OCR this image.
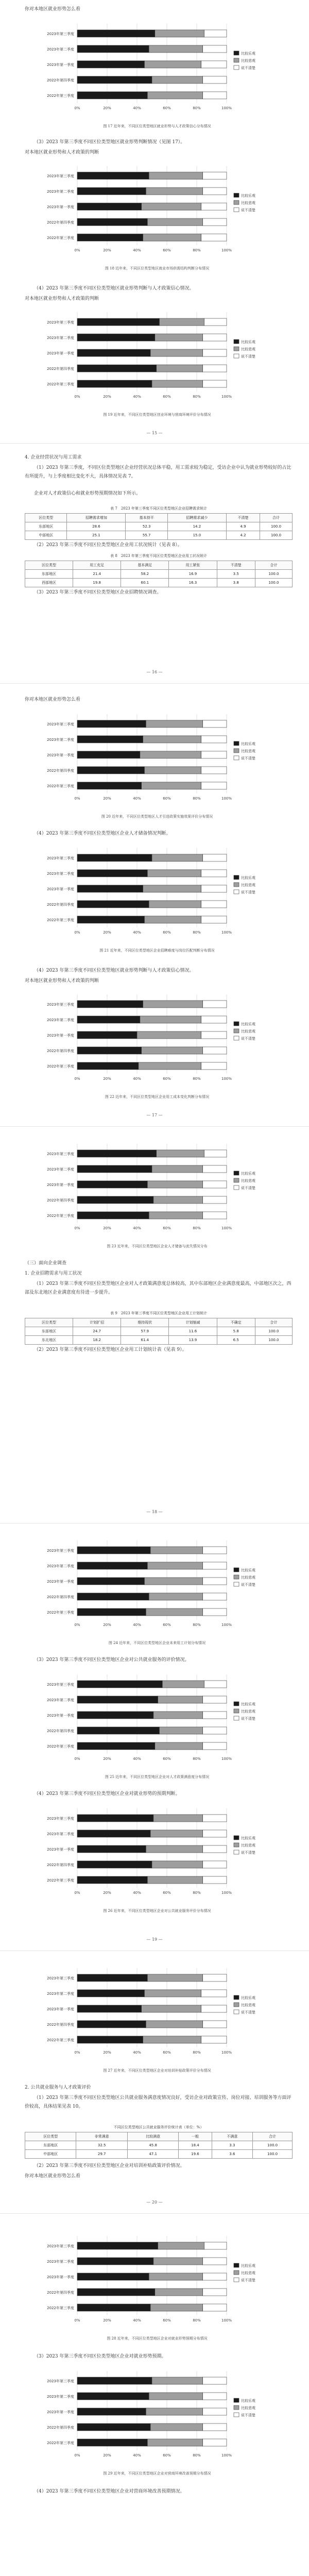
你对本地区就业形势怎么看
0%	20%	40%	60%	80%	100%
2023年第三季度
2023年第二季度
2023年第一季度
2022年第四季度
2022年第三季度
比较乐观
比较悲观
说不清楚
图 17 近年来，不同区位类型地区就业形势与人才政策信心分布情况
（3）2023 年第三季度不同区位类型地区就业形势判断情况（见图 17）。
对本地区就业形势和人才政策的判断
0%	20%	40%	60%	80%	100%
2023年第三季度
2023年第二季度
2023年第一季度
2022年第四季度
2022年第三季度
比较乐观
比较悲观
说不清楚
图 18 近年来，不同区位类型地区就业市场供需结构判断分布情况
（4）2023 年第三季度不同区位类型地区就业形势判断与人才政策信心情况。
对本地区就业形势和人才政策的判断
0%	20%	40%	60%	80%	100%
2023年第三季度
2023年第二季度
2023年第一季度
2022年第四季度
2022年第三季度
比较乐观
比较悲观
说不清楚
图 19 近年来，不同区位类型地区创业环境与营商环境评价分布情况
— 15 —
4. 企业经营状况与用工需求
（1）2023 年第三季度，不同区位类型地区企业经营状况总体平稳，用工需求较为稳定，受访企业中认为就业形势较好的占比有所提升，与上季度相比变化不大，具体情况见表 7。
企业对人才政策信心和就业形势预期情况如下所示。
表 7　2023 年第三季度不同区位类型地区企业招聘需求统计
区位类型	招聘需求增加	基本持平	招聘需求减少	不清楚	合计
东部地区	28.6	52.3	14.2	4.9	100.0
中部地区	25.1	55.7	15.0	4.2	100.0
（2）2023 年第三季度不同区位类型地区企业用工状况统计（见表 8）。
表 8　2023 年第三季度不同区位类型地区企业用工状况统计
区位类型	用工充足	基本满足	用工紧张	不清楚	合计
东部地区	21.4	58.2	16.9	3.5	100.0
西部地区	19.8	60.1	16.3	3.8	100.0
（3）2023 年第三季度不同区位类型地区企业招聘情况调查。
— 16 —
你对本地区就业形势怎么看
0%	20%	40%	60%	80%	100%
2023年第三季度
2023年第二季度
2023年第一季度
2022年第四季度
2022年第三季度
比较乐观
比较悲观
说不清楚
图 20 近年来，不同区位类型地区人才引进政策实施效果评价分布情况
（4）2023 年第三季度不同区位类型地区企业人才储备情况判断。
0%	20%	40%	60%	80%	100%
2023年第三季度
2023年第二季度
2023年第一季度
2022年第四季度
2022年第三季度
比较乐观
比较悲观
说不清楚
图 21 近年来，不同区位类型地区企业招聘难度与岗位匹配判断分布情况
（4）2023 年第三季度不同区位类型地区就业形势判断与人才政策信心情况。
对本地区就业形势和人才政策的判断
0%	20%	40%	60%	80%	100%
2023年第三季度
2023年第二季度
2023年第一季度
2022年第四季度
2022年第三季度
比较乐观
比较悲观
说不清楚
图 22 近年来，不同区位类型地区企业用工成本变化判断分布情况
— 17 —
0%	20%	40%	60%	80%	100%
2023年第三季度
2023年第二季度
2023年第一季度
2022年第四季度
2022年第三季度
比较乐观
比较悲观
说不清楚
图 23 近年来，不同区位类型地区企业人才储备与流失情况分布
（三）面向企业调查
1. 企业招聘需求与用工状况
（1）2023 年第三季度不同区位类型地区企业对人才政策满意度总体较高，其中东部地区企业满意度最高，中部地区次之，西部及东北地区企业满意度有待进一步提升。
表 9　2023 年第三季度不同区位类型地区企业用工计划统计
区位类型	计划扩招	维持现状	计划缩减	不确定	合计
东部地区	24.7	57.9	11.6	5.8	100.0
东北地区	18.2	61.4	13.9	6.5	100.0
（2）2023 年第三季度不同区位类型地区企业用工计划统计表（见表 9）。
— 18 —
0%	20%	40%	60%	80%	100%
2023年第三季度
2023年第二季度
2023年第一季度
2022年第四季度
2022年第三季度
比较乐观
比较悲观
说不清楚
图 24 近年来，不同区位类型地区企业未来用工计划分布情况
（3）2023 年第三季度不同区位类型地区企业对公共就业服务的评价情况。
0%	20%	40%	60%	80%	100%
2023年第三季度
2023年第二季度
2023年第一季度
2022年第四季度
2022年第三季度
比较乐观
比较悲观
说不清楚
图 25 近年来，不同区位类型地区企业对人才政策满意度分布情况
（4）2023 年第三季度不同区位类型地区企业对就业形势的预期判断。
0%	20%	40%	60%	80%	100%
2023年第三季度
2023年第二季度
2023年第一季度
2022年第四季度
2022年第三季度
比较乐观
比较悲观
说不清楚
图 26 近年来，不同区位类型地区企业对公共就业服务评价分布情况
— 19 —
0%	20%	40%	60%	80%	100%
2023年第三季度
2023年第二季度
2023年第一季度
2022年第四季度
2022年第三季度
比较乐观
比较悲观
说不清楚
图 27 近年来，不同区位类型地区企业对培训补贴政策评价分布情况
2. 公共就业服务与人才政策评价
（1）2023 年第三季度不同区位类型地区公共就业服务满意度情况良好，受访企业对政策宣传、岗位对接、培训服务等方面评价较高，具体结果见表 10。
不同区位类型地区公共就业服务评价统计表（单位：%）
区位类型	非常满意	比较满意	一般	不满意	合计
东部地区	32.5	45.8	18.4	3.3	100.0
中部地区	29.7	47.1	19.6	3.6	100.0
（2）2023 年第三季度不同区位类型地区企业对培训补贴政策评价情况。
你对本地区就业形势怎么看
— 20 —
0%	20%	40%	60%	80%	100%
2023年第三季度
2023年第二季度
2023年第一季度
2022年第四季度
2022年第三季度
比较乐观
比较悲观
说不清楚
图 28 近年来，不同区位类型地区企业对就业形势预期分布情况
（3）2023 年第三季度不同区位类型地区企业对就业形势预期。
0%	20%	40%	60%	80%	100%
2023年第三季度
2023年第二季度
2023年第一季度
2022年第四季度
2022年第三季度
比较乐观
比较悲观
说不清楚
图 29 近年来，不同区位类型地区企业对营商环境改善预期分布情况
（4）2023 年第三季度不同区位类型地区企业对营商环境改善预期情况。
